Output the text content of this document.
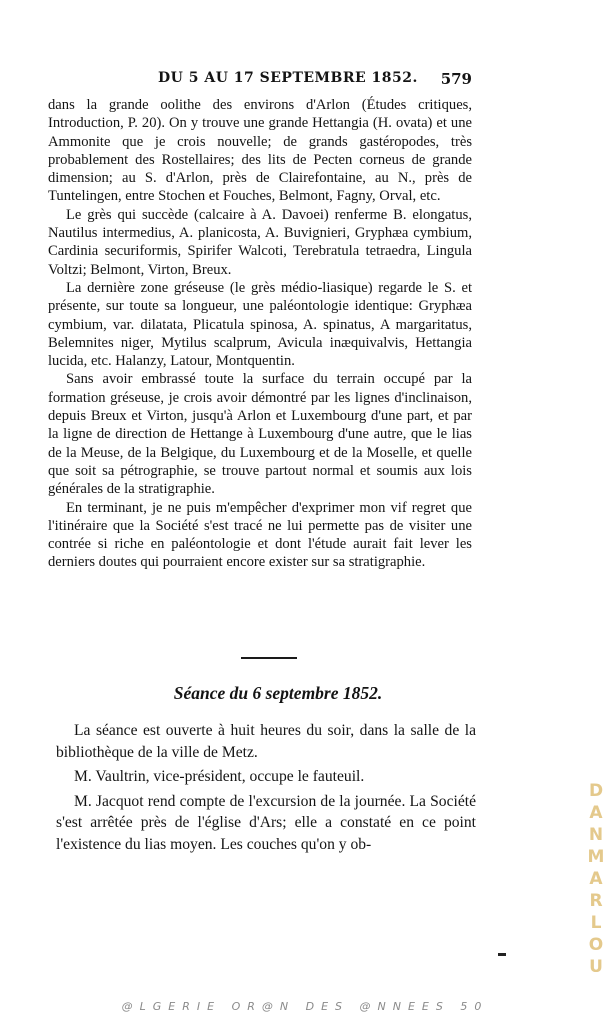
DU 5 AU 17 SEPTEMBRE 1852. 579

dans la grande oolithe des environs d'Arlon (Études critiques, Introduction, P. 20). On y trouve une grande Hettangia (H. ovata) et une Ammonite que je crois nouvelle; de grands gastéropodes, très probablement des Rostellaires; des lits de Pecten corneus de grande dimension; au S. d'Arlon, près de Clairefontaine, au N., près de Tuntelingen, entre Stochen et Fouches, Belmont, Fagny, Orval, etc.

Le grès qui succède (calcaire à A. Davoei) renferme B. elongatus, Nautilus intermedius, A. planicosta, A. Buvignieri, Gryphæa cymbium, Cardinia securiformis, Spirifer Walcoti, Terebratula tetraedra, Lingula Voltzi; Belmont, Virton, Breux.

La dernière zone gréseuse (le grès médio-liasique) regarde le S. et présente, sur toute sa longueur, une paléontologie identique: Gryphæa cymbium, var. dilatata, Plicatula spinosa, A. spinatus, A margaritatus, Belemnites niger, Mytilus scalprum, Avicula inæquivalvis, Hettangia lucida, etc. Halanzy, Latour, Montquentin.

Sans avoir embrassé toute la surface du terrain occupé par la formation gréseuse, je crois avoir démontré par les lignes d'inclinaison, depuis Breux et Virton, jusqu'à Arlon et Luxembourg d'une part, et par la ligne de direction de Hettange à Luxembourg d'une autre, que le lias de la Meuse, de la Belgique, du Luxembourg et de la Moselle, et quelle que soit sa pétrographie, se trouve partout normal et soumis aux lois générales de la stratigraphie.

En terminant, je ne puis m'empêcher d'exprimer mon vif regret que l'itinéraire que la Société s'est tracé ne lui permette pas de visiter une contrée si riche en paléontologie et dont l'étude aurait fait lever les derniers doutes qui pourraient encore exister sur sa stratigraphie.

Séance du 6 septembre 1852.

La séance est ouverte à huit heures du soir, dans la salle de la bibliothèque de la ville de Metz.

M. Vaultrin, vice-président, occupe le fauteuil.

M. Jacquot rend compte de l'excursion de la journée. La Société s'est arrêtée près de l'église d'Ars; elle a constaté en ce point l'existence du lias moyen. Les couches qu'on y ob-

DANMARLOU
@LGERIE OR@N DES @NNEES 50
